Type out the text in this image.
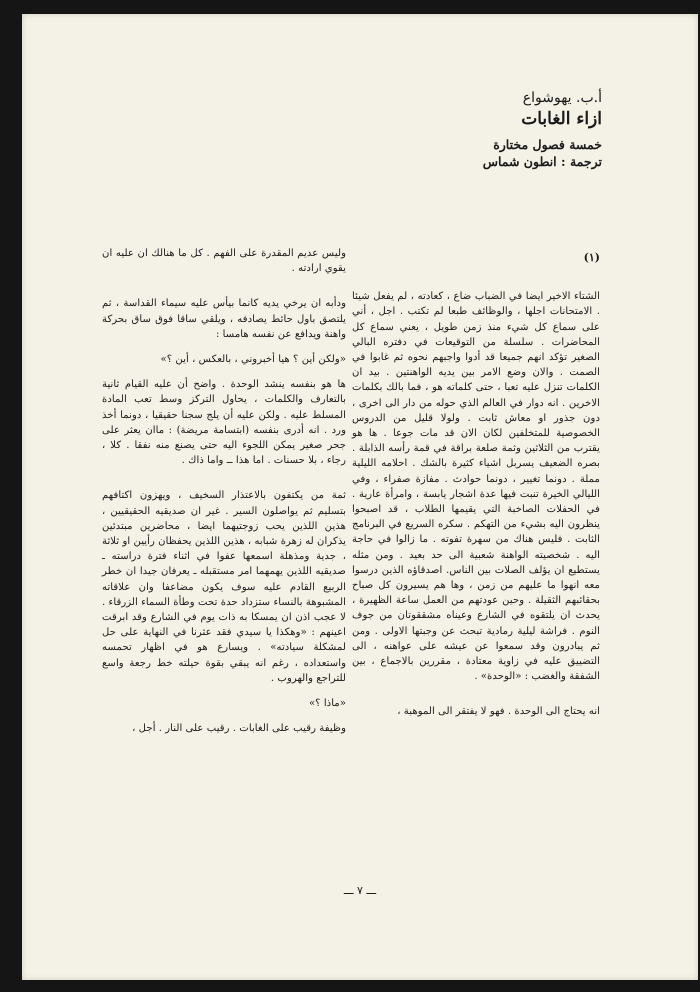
أ.ب. يهوشواع
ازاء الغابات
خمسة فصول مختارة
ترجمة : انطون شماس

(١)

الشتاء الاخير ايضا في الضباب ضاع ، كعادته ، لم يفعل شيئا . الامتحانات اجلها ، والوظائف طبعا لم تكتب . اجل ، أني على سماع كل شيء منذ زمن طويل ، يعني سماع كل المحاضرات . سلسلة من التوقيعات في دفتره البالي الصغير تؤكد انهم جميعا قد أدوا واجبهم نحوه ثم غابوا في الصمت . والان وضع الامر بين يديه الواهنتين . بيد ان الكلمات تنزل عليه تعبا ، حتى كلماته هو ، فما بالك بكلمات الاخرين . انه دوار في العالم الذي حوله من دار الى اخرى ، دون جذور او معاش ثابت . ولولا قليل من الدروس الخصوصية للمتخلفين لكان الان قد مات جوعا . ها هو يقترب من الثلاثين وثمة صلعة براقة في قمة رأسه الذابلة . بصره الضعيف يسربل اشياء كثيرة بالشك . احلامه الليلية مملة . دونما تغيير ، دونما حوادث . مفازة صفراء ، وفي الليالي الخيرة تنبت فيها عدة اشجار يابسة ، وامرأة عارية . في الحفلات الصاخبة التي يقيمها الطلاب ، قد اصبحوا ينظرون اليه بشيء من التهكم . سكره السريع في البرنامج الثابت . فليس هناك من سهرة تفوته . ما زالوا في حاجة اليه . شخصيته الواهنة شعبية الى حد بعيد . ومن مثله يستطيع ان يؤلف الصلات بين الناس. اصدقاؤه الذين درسوا معه انهوا ما عليهم من زمن ، وها هم يسيرون كل صباح بحقائبهم الثقيلة . وحين عودتهم من العمل ساعة الظهيرة ، يحدث ان يلتقوه في الشارع وعيناه مشققوتان من جوف النوم . فراشة ليلية رمادية تبحث عن وجبتها الاولى . ومن ثم يبادرون وقد سمعوا عن عيشه على عواهنه ، الى التضييق عليه في زاوية معتادة ، مقررين بالاجماع ، بين الشفقة والغضب : «الوحدة» .

انه يحتاج الى الوحدة . فهو لا يفتقر الى الموهبة ،

وليس عديم المقدرة على الفهم . كل ما هنالك ان عليه ان يقوي ارادته .

ودأبه ان يرخي يديه كانما بيأس عليه سيماء القداسة ، ثم يلتصق باول حائط يصادفه ، ويلقي ساقا فوق ساق بحركة واهنة ويدافع عن نفسه هامسا :

«ولكن أين ؟ هيا أخبروني ، بالعكس ، أين ؟»

ها هو بنفسه ينشد الوحدة . واضح أن عليه القيام ثانية بالتعارف والكلمات ، يحاول التركز وسط تعب المادة المسلط عليه . ولكن عليه أن يلج سجنا حقيقيا ، دونما أخذ ورد . انه أدرى بنفسه (ابتسامة مريضة) : ماان يعثر على جحر صغير يمكن اللجوء اليه حتى يصنع منه نفقا . كلا ، رجاء ، بلا حسنات . اما هذا ــ واما ذاك .

ثمة من يكتفون بالاعتذار السخيف ، ويهزون اكتافهم بتسليم ثم يواصلون السير . غير ان صديقيه الحقيقيين ، هذين اللذين يحب زوجتيهما ايضا ، محاضرين مبتدئين يذكران له زهرة شبابه ، هذين اللذين يحفظان رأيين او ثلاثة ، جدية ومذهلة اسمعها عفوا في اثناء فترة دراسته ـ صديقيه اللذين يهمهما امر مستقبله ـ يعرفان جيدا ان خطر الربيع القادم عليه سوف يكون مضاعفا وان علاقاته المشبوهة بالنساء ستزداد حدة تحت وطأة السماء الزرقاء . لا عجب اذن ان يمسكا به ذات يوم في الشارع وقد ابرقت اعينهم : «وهكذا يا سيدي فقد عثرنا في النهاية على حل لمشكلة سيادته» . ويسارع هو في اظهار تحمسه واستعداده ، رغم انه يبقي بقوة حيلته خط رجعة واسع للتراجع والهروب .

«ماذا ؟»

وظيفة رقيب على الغابات . رقيب على النار . أجل ،

ـــ ٧ ـــ
